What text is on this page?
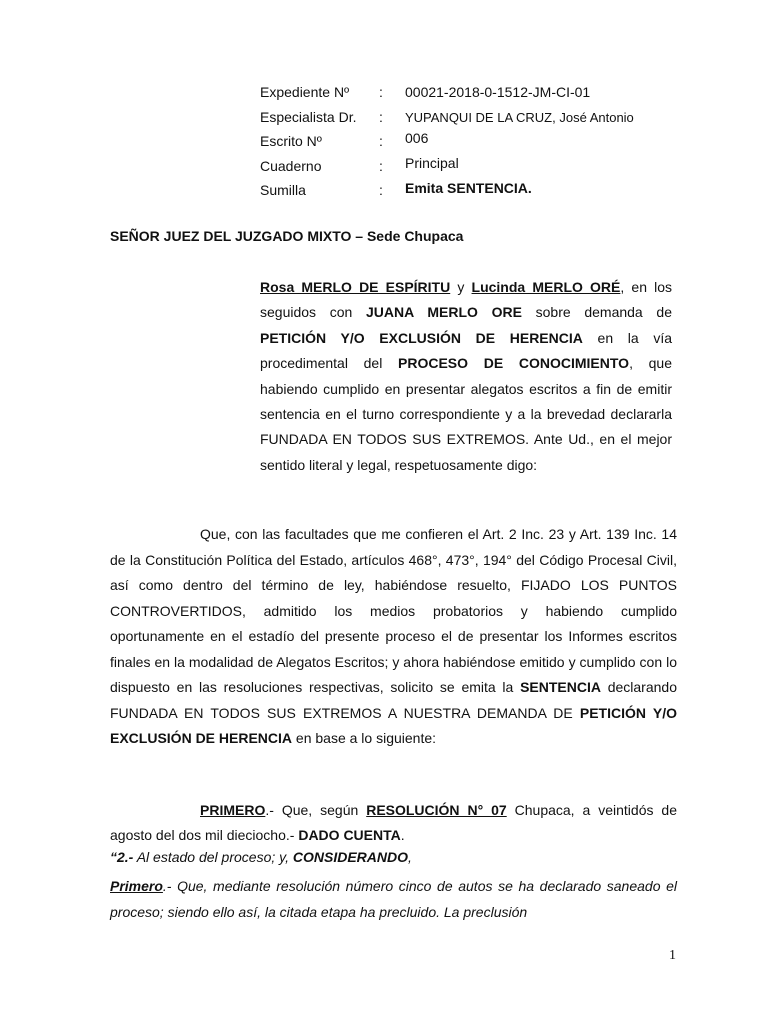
Expediente Nº : 00021-2018-0-1512-JM-CI-01
Especialista Dr. : YUPANQUI DE LA CRUZ, José Antonio
Escrito Nº	: 006
Cuaderno	: Principal
Sumilla	: Emita SENTENCIA.
SEÑOR JUEZ DEL JUZGADO MIXTO – Sede Chupaca
Rosa MERLO DE ESPÍRITU y Lucinda MERLO ORÉ, en los seguidos con JUANA MERLO ORE sobre demanda de PETICIÓN Y/O EXCLUSIÓN DE HERENCIA en la vía procedimental del PROCESO DE CONOCIMIENTO, que habiendo cumplido en presentar alegatos escritos a fin de emitir sentencia en el turno correspondiente y a la brevedad declararla FUNDADA EN TODOS SUS EXTREMOS. Ante Ud., en el mejor sentido literal y legal, respetuosamente digo:
Que, con las facultades que me confieren el Art. 2 Inc. 23 y Art. 139 Inc. 14 de la Constitución Política del Estado, artículos 468°, 473°, 194° del Código Procesal Civil, así como dentro del término de ley, habiéndose resuelto, FIJADO LOS PUNTOS CONTROVERTIDOS, admitido los medios probatorios y habiendo cumplido oportunamente en el estadío del presente proceso el de presentar los Informes escritos finales en la modalidad de Alegatos Escritos; y ahora habiéndose emitido y cumplido con lo dispuesto en las resoluciones respectivas, solicito se emita la SENTENCIA declarando FUNDADA EN TODOS SUS EXTREMOS A NUESTRA DEMANDA DE PETICIÓN Y/O EXCLUSIÓN DE HERENCIA en base a lo siguiente:
PRIMERO.- Que, según RESOLUCIÓN N° 07 Chupaca, a veintidós de agosto del dos mil dieciocho.- DADO CUENTA.
“2.- Al estado del proceso; y, CONSIDERANDO,
Primero.- Que, mediante resolución número cinco de autos se ha declarado saneado el proceso; siendo ello así, la citada etapa ha precluido. La preclusión
1
